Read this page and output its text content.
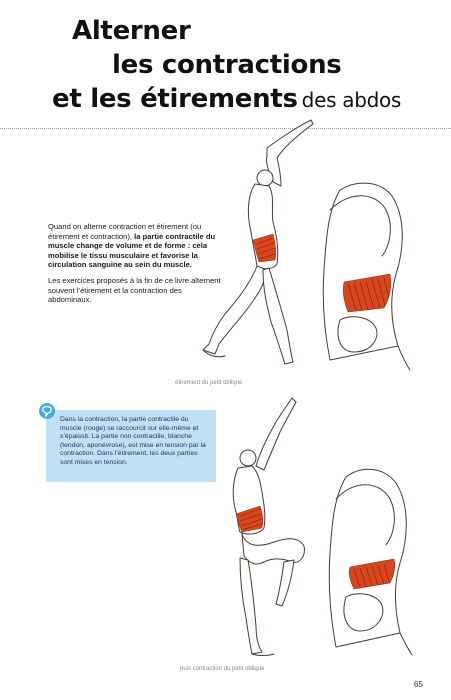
Alterner
les contractions
et les étirements des abdos

Quand on alterne contraction et étirement (ou étirement et contraction), la partie contractile du muscle change de volume et de forme : cela mobilise le tissu musculaire et favorise la circulation sanguine au sein du muscle.

Les exercices proposés à la fin de ce livre alternent souvent l’étirement et la contraction des abdominaux.

étirement du petit oblique
Dans la contraction, la partie contractile du muscle (rouge) se raccourcit sur elle-même et s’épaissit. La partie non contractile, blanche (tendon, aponévrose), est mise en tension par la contraction. Dans l’étirement, les deux parties sont mises en tension.
puis contraction du petit oblique
65
